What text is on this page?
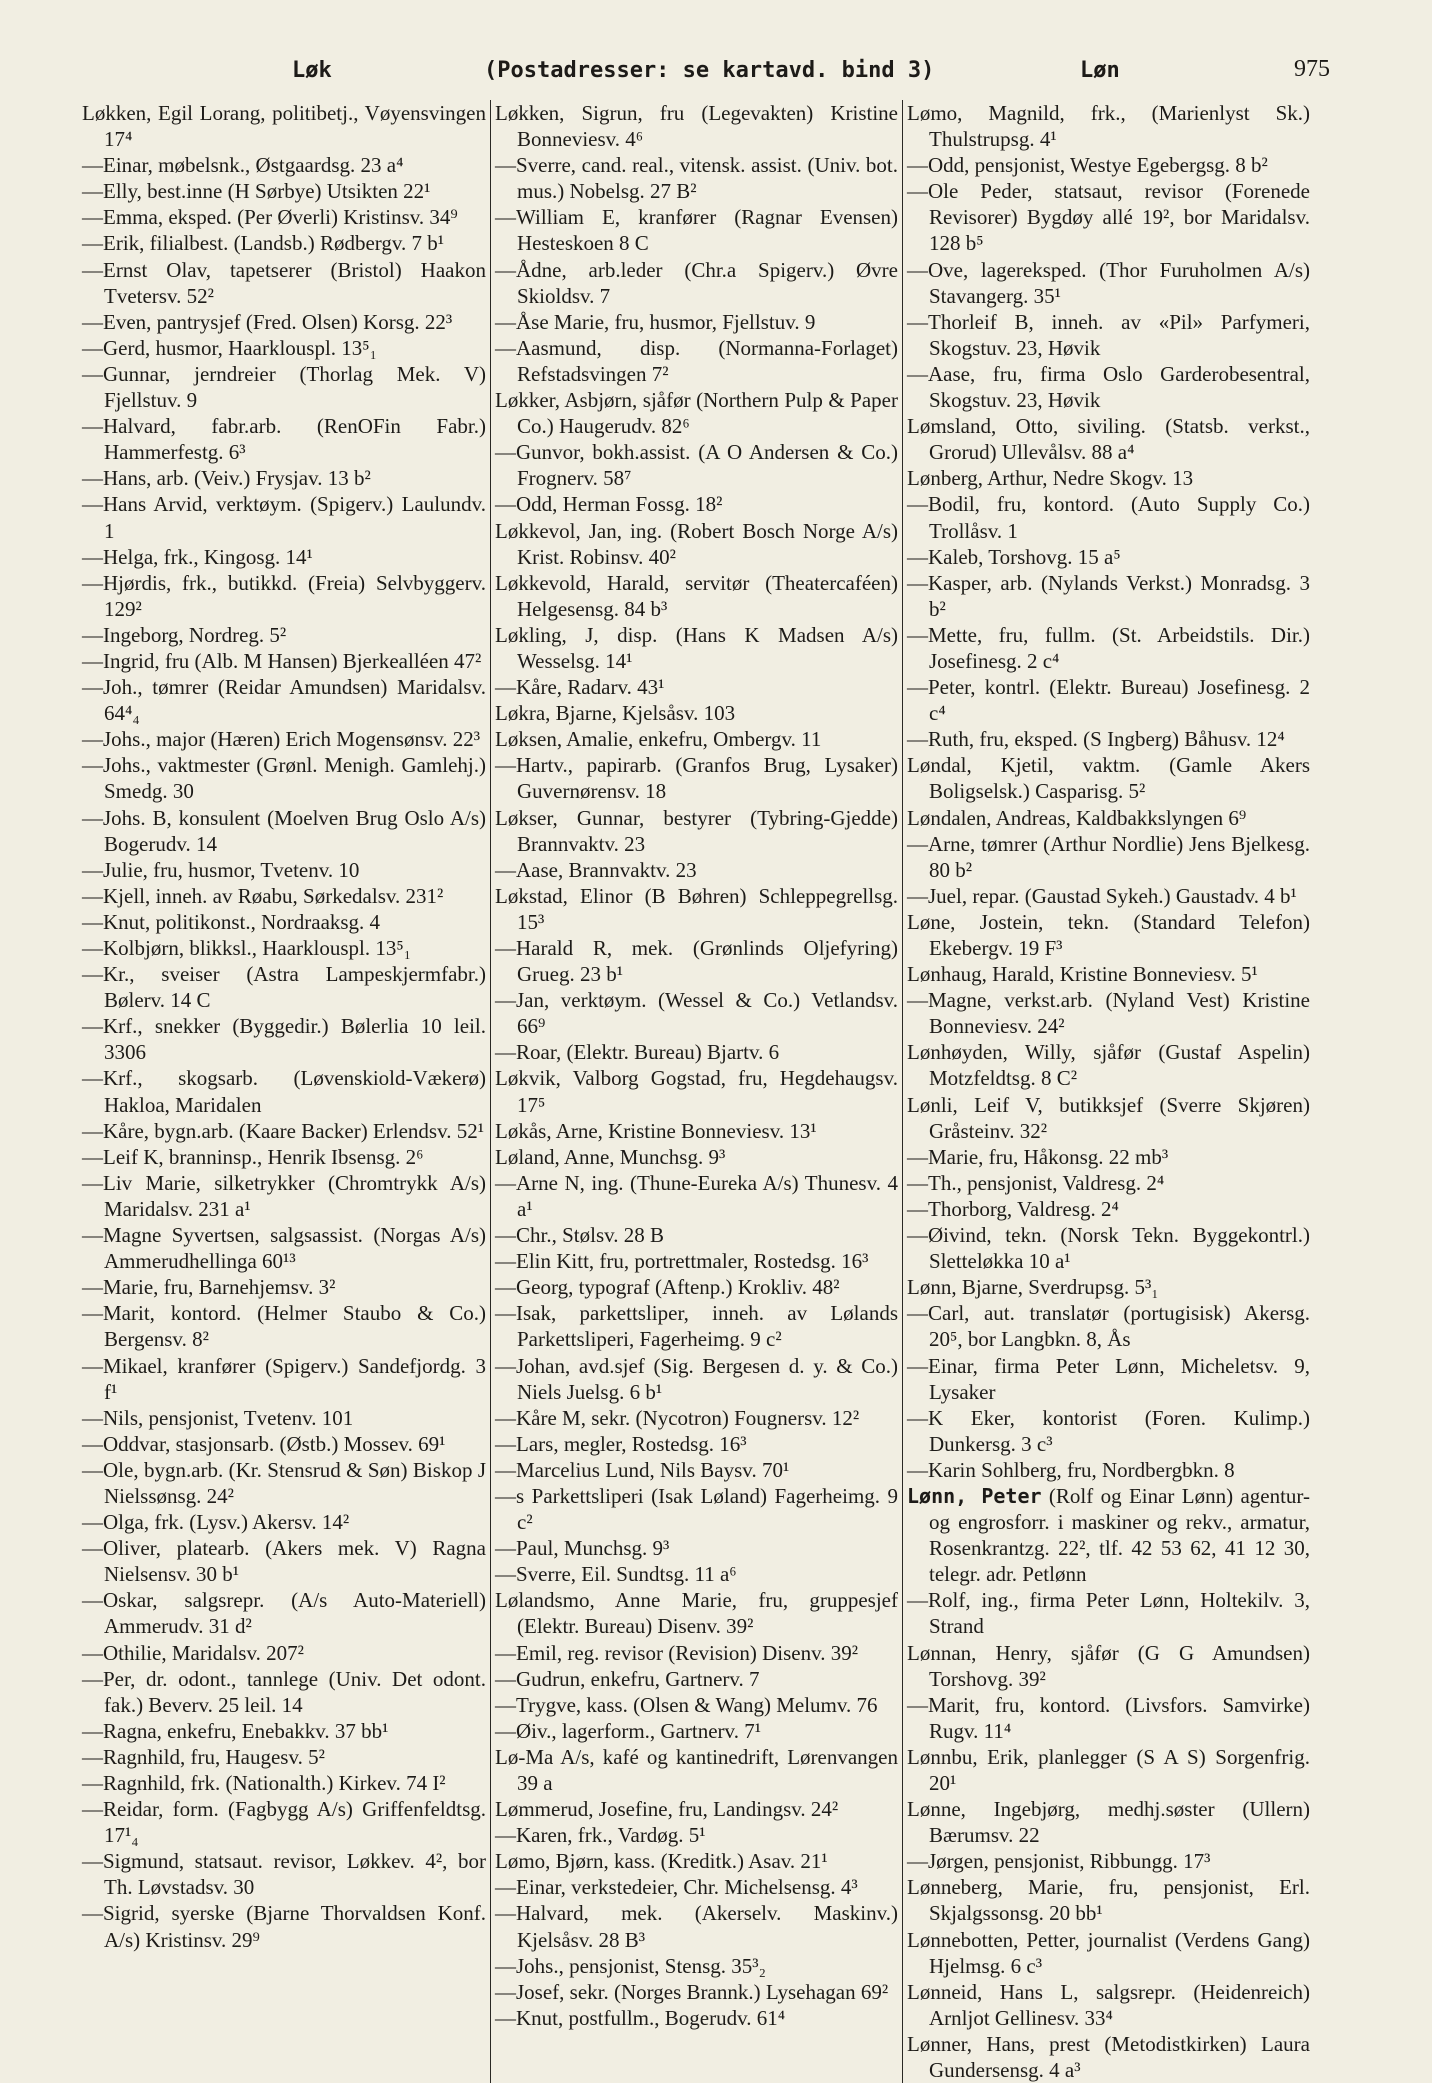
Løk	(Postadresser: se kartavd. bind 3)	Løn	975
Løkken, Egil Lorang, politibetj., Vøyensvingen 17⁴
—Einar, møbelsnk., Østgaardsg. 23 a⁴
—Elly, best.inne (H Sørbye) Utsikten 22¹
—Emma, eksped. (Per Øverli) Kristinsv. 34⁹
—Erik, filialbest. (Landsb.) Rødbergv. 7 b¹
—Ernst Olav, tapetserer (Bristol) Haakon Tvetersv. 52²
—Even, pantrysjef (Fred. Olsen) Korsg. 22³
—Gerd, husmor, Haarklouspl. 13⁵₁
—Gunnar, jerndreier (Thorlag Mek. V) Fjellstuv. 9
—Halvard, fabr.arb. (RenOFin Fabr.) Hammerfestg. 6³
—Hans, arb. (Veiv.) Frysjav. 13 b²
—Hans Arvid, verktøym. (Spigerv.) Laulundv. 1
—Helga, frk., Kingosg. 14¹
—Hjørdis, frk., butikkd. (Freia) Selvbyggerv. 129²
—Ingeborg, Nordreg. 5²
—Ingrid, fru (Alb. M Hansen) Bjerkealléen 47²
—Joh., tømrer (Reidar Amundsen) Maridalsv. 64⁴₄
—Johs., major (Hæren) Erich Mogensønsv. 22³
—Johs., vaktmester (Grønl. Menigh. Gamlehj.) Smedg. 30
—Johs. B, konsulent (Moelven Brug Oslo A/s) Bogerudv. 14
—Julie, fru, husmor, Tvetenv. 10
—Kjell, inneh. av Røabu, Sørkedalsv. 231²
—Knut, politikonst., Nordraaksg. 4
—Kolbjørn, blikksl., Haarklouspl. 13⁵₁
—Kr., sveiser (Astra Lampeskjermfabr.) Bølerv. 14 C
—Krf., snekker (Byggedir.) Bølerlia 10 leil. 3306
—Krf., skogsarb. (Løvenskiold-Vækerø) Hakloa, Maridalen
—Kåre, bygn.arb. (Kaare Backer) Erlendsv. 52¹
—Leif K, branninsp., Henrik Ibsensg. 2⁶
—Liv Marie, silketrykker (Chromtrykk A/s) Maridalsv. 231 a¹
—Magne Syvertsen, salgsassist. (Norgas A/s) Ammerudhellinga 60¹³
—Marie, fru, Barnehjemsv. 3²
—Marit, kontord. (Helmer Staubo & Co.) Bergensv. 8²
—Mikael, kranfører (Spigerv.) Sandefjordg. 3 f¹
—Nils, pensjonist, Tvetenv. 101
—Oddvar, stasjonsarb. (Østb.) Mossev. 69¹
—Ole, bygn.arb. (Kr. Stensrud & Søn) Biskop J Nielssønsg. 24²
—Olga, frk. (Lysv.) Akersv. 14²
—Oliver, platearb. (Akers mek. V) Ragna Nielsensv. 30 b¹
—Oskar, salgsrepr. (A/s Auto-Materiell) Ammerudv. 31 d²
—Othilie, Maridalsv. 207²
—Per, dr. odont., tannlege (Univ. Det odont. fak.) Beverv. 25 leil. 14
—Ragna, enkefru, Enebakkv. 37 bb¹
—Ragnhild, fru, Haugesv. 5²
—Ragnhild, frk. (Nationalth.) Kirkev. 74 I²
—Reidar, form. (Fagbygg A/s) Griffenfeldtsg. 17¹₄
—Sigmund, statsaut. revisor, Løkkev. 4², bor Th. Løvstadsv. 30
—Sigrid, syerske (Bjarne Thorvaldsen Konf. A/s) Kristinsv. 29⁹
Løkken, Sigrun, fru (Legevakten) Kristine Bonneviesv. 4⁶
—Sverre, cand. real., vitensk. assist. (Univ. bot. mus.) Nobelsg. 27 B²
—William E, kranfører (Ragnar Evensen) Hesteskoen 8 C
—Ådne, arb.leder (Chr.a Spigerv.) Øvre Skioldsv. 7
—Åse Marie, fru, husmor, Fjellstuv. 9
—Aasmund, disp. (Normanna-Forlaget) Refstadsvingen 7²
Løkker, Asbjørn, sjåfør (Northern Pulp & Paper Co.) Haugerudv. 82⁶
—Gunvor, bokh.assist. (A O Andersen & Co.) Frognerv. 58⁷
—Odd, Herman Fossg. 18²
Løkkevol, Jan, ing. (Robert Bosch Norge A/s) Krist. Robinsv. 40²
Løkkevold, Harald, servitør (Theatercaféen) Helgesensg. 84 b³
Løkling, J, disp. (Hans K Madsen A/s) Wesselsg. 14¹
—Kåre, Radarv. 43¹
Løkra, Bjarne, Kjelsåsv. 103
Løksen, Amalie, enkefru, Ombergv. 11
—Hartv., papirarb. (Granfos Brug, Lysaker) Guvernørensv. 18
Løkser, Gunnar, bestyrer (Tybring-Gjedde) Brannvaktv. 23
—Aase, Brannvaktv. 23
Løkstad, Elinor (B Bøhren) Schleppegrellsg. 15³
—Harald R, mek. (Grønlinds Oljefyring) Grueg. 23 b¹
—Jan, verktøym. (Wessel & Co.) Vetlandsv. 66⁹
—Roar, (Elektr. Bureau) Bjartv. 6
Løkvik, Valborg Gogstad, fru, Hegdehaugsv. 17⁵
Løkås, Arne, Kristine Bonneviesv. 13¹
Løland, Anne, Munchsg. 9³
—Arne N, ing. (Thune-Eureka A/s) Thunesv. 4 a¹
—Chr., Stølsv. 28 B
—Elin Kitt, fru, portrettmaler, Rostedsg. 16³
—Georg, typograf (Aftenp.) Krokliv. 48²
—Isak, parkettsliper, inneh. av Lølands Parkettsliperi, Fagerheimg. 9 c²
—Johan, avd.sjef (Sig. Bergesen d. y. & Co.) Niels Juelsg. 6 b¹
—Kåre M, sekr. (Nycotron) Fougnersv. 12²
—Lars, megler, Rostedsg. 16³
—Marcelius Lund, Nils Baysv. 70¹
—s Parkettsliperi (Isak Løland) Fagerheimg. 9 c²
—Paul, Munchsg. 9³
—Sverre, Eil. Sundtsg. 11 a⁶
Lølandsmo, Anne Marie, fru, gruppesjef (Elektr. Bureau) Disenv. 39²
—Emil, reg. revisor (Revision) Disenv. 39²
—Gudrun, enkefru, Gartnerv. 7
—Trygve, kass. (Olsen & Wang) Melumv. 76
—Øiv., lagerform., Gartnerv. 7¹
Lø-Ma A/s, kafé og kantinedrift, Lørenvangen 39 a
Lømmerud, Josefine, fru, Landingsv. 24²
—Karen, frk., Vardøg. 5¹
Lømo, Bjørn, kass. (Kreditk.) Asav. 21¹
—Einar, verkstedeier, Chr. Michelsensg. 4³
—Halvard, mek. (Akerselv. Maskinv.) Kjelsåsv. 28 B³
—Johs., pensjonist, Stensg. 35³₂
—Josef, sekr. (Norges Brannk.) Lysehagan 69²
—Knut, postfullm., Bogerudv. 61⁴
Lømo, Magnild, frk., (Marienlyst Sk.) Thulstrupsg. 4¹
—Odd, pensjonist, Westye Egebergsg. 8 b²
—Ole Peder, statsaut, revisor (Forenede Revisorer) Bygdøy allé 19², bor Maridalsv. 128 b⁵
—Ove, lagereksped. (Thor Furuholmen A/s) Stavangerg. 35¹
—Thorleif B, inneh. av «Pil» Parfymeri, Skogstuv. 23, Høvik
—Aase, fru, firma Oslo Garderobesentral, Skogstuv. 23, Høvik
Lømsland, Otto, siviling. (Statsb. verkst., Grorud) Ullevålsv. 88 a⁴
Lønberg, Arthur, Nedre Skogv. 13
—Bodil, fru, kontord. (Auto Supply Co.) Trollåsv. 1
—Kaleb, Torshovg. 15 a⁵
—Kasper, arb. (Nylands Verkst.) Monradsg. 3 b²
—Mette, fru, fullm. (St. Arbeidstils. Dir.) Josefinesg. 2 c⁴
—Peter, kontrl. (Elektr. Bureau) Josefinesg. 2 c⁴
—Ruth, fru, eksped. (S Ingberg) Båhusv. 12⁴
Løndal, Kjetil, vaktm. (Gamle Akers Boligselsk.) Casparisg. 5²
Løndalen, Andreas, Kaldbakkslyngen 6⁹
—Arne, tømrer (Arthur Nordlie) Jens Bjelkesg. 80 b²
—Juel, repar. (Gaustad Sykeh.) Gaustadv. 4 b¹
Løne, Jostein, tekn. (Standard Telefon) Ekebergv. 19 F³
Lønhaug, Harald, Kristine Bonneviesv. 5¹
—Magne, verkst.arb. (Nyland Vest) Kristine Bonneviesv. 24²
Lønhøyden, Willy, sjåfør (Gustaf Aspelin) Motzfeldtsg. 8 C²
Lønli, Leif V, butikksjef (Sverre Skjøren) Gråsteinv. 32²
—Marie, fru, Håkonsg. 22 mb³
—Th., pensjonist, Valdresg. 2⁴
—Thorborg, Valdresg. 2⁴
—Øivind, tekn. (Norsk Tekn. Byggekontrl.) Sletteløkka 10 a¹
Lønn, Bjarne, Sverdrupsg. 5³₁
—Carl, aut. translatør (portugisisk) Akersg. 20⁵, bor Langbkn. 8, Ås
—Einar, firma Peter Lønn, Micheletsv. 9, Lysaker
—K Eker, kontorist (Foren. Kulimp.) Dunkersg. 3 c³
—Karin Sohlberg, fru, Nordbergbkn. 8
Lønn, Peter (Rolf og Einar Lønn) agentur- og engrosforr. i maskiner og rekv., armatur, Rosenkrantzg. 22², tlf. 42 53 62, 41 12 30, telegr. adr. Petlønn
—Rolf, ing., firma Peter Lønn, Holtekilv. 3, Strand
Lønnan, Henry, sjåfør (G G Amundsen) Torshovg. 39²
—Marit, fru, kontord. (Livsfors. Samvirke) Rugv. 11⁴
Lønnbu, Erik, planlegger (S A S) Sorgenfrig. 20¹
Lønne, Ingebjørg, medhj.søster (Ullern) Bærumsv. 22
—Jørgen, pensjonist, Ribbungg. 17³
Lønneberg, Marie, fru, pensjonist, Erl. Skjalgssonsg. 20 bb¹
Lønnebotten, Petter, journalist (Verdens Gang) Hjelmsg. 6 c³
Lønneid, Hans L, salgsrepr. (Heidenreich) Arnljot Gellinesv. 33⁴
Lønner, Hans, prest (Metodistkirken) Laura Gundersensg. 4 a³
